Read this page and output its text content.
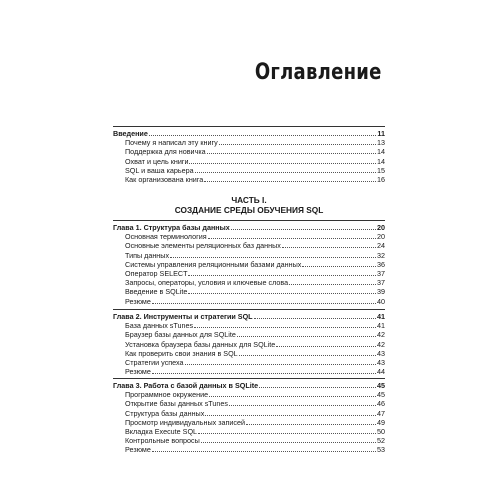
Оглавление
Введение	11
Почему я написал эту книгу	13
Поддержка для новичка	14
Охват и цель книги	14
SQL и ваша карьера	15
Как организована книга	16
ЧАСТЬ I.
СОЗДАНИЕ СРЕДЫ ОБУЧЕНИЯ SQL
Глава 1. Структура базы данных	20
Основная терминология	20
Основные элементы реляционных баз данных	24
Типы данных	32
Системы управления реляционными базами данных	36
Оператор SELECT	37
Запросы, операторы, условия и ключевые слова	37
Введение в SQLite	39
Резюме	40
Глава 2. Инструменты и стратегии SQL	41
База данных sTunes	41
Браузер базы данных для SQLite	42
Установка браузера базы данных для SQLite	42
Как проверить свои знания в SQL	43
Стратегии успеха	43
Резюме	44
Глава 3. Работа с базой данных в SQLite	45
Программное окружение	45
Открытие базы данных sTunes	46
Структура базы данных	47
Просмотр индивидуальных записей	49
Вкладка Execute SQL	50
Контрольные вопросы	52
Резюме	53
